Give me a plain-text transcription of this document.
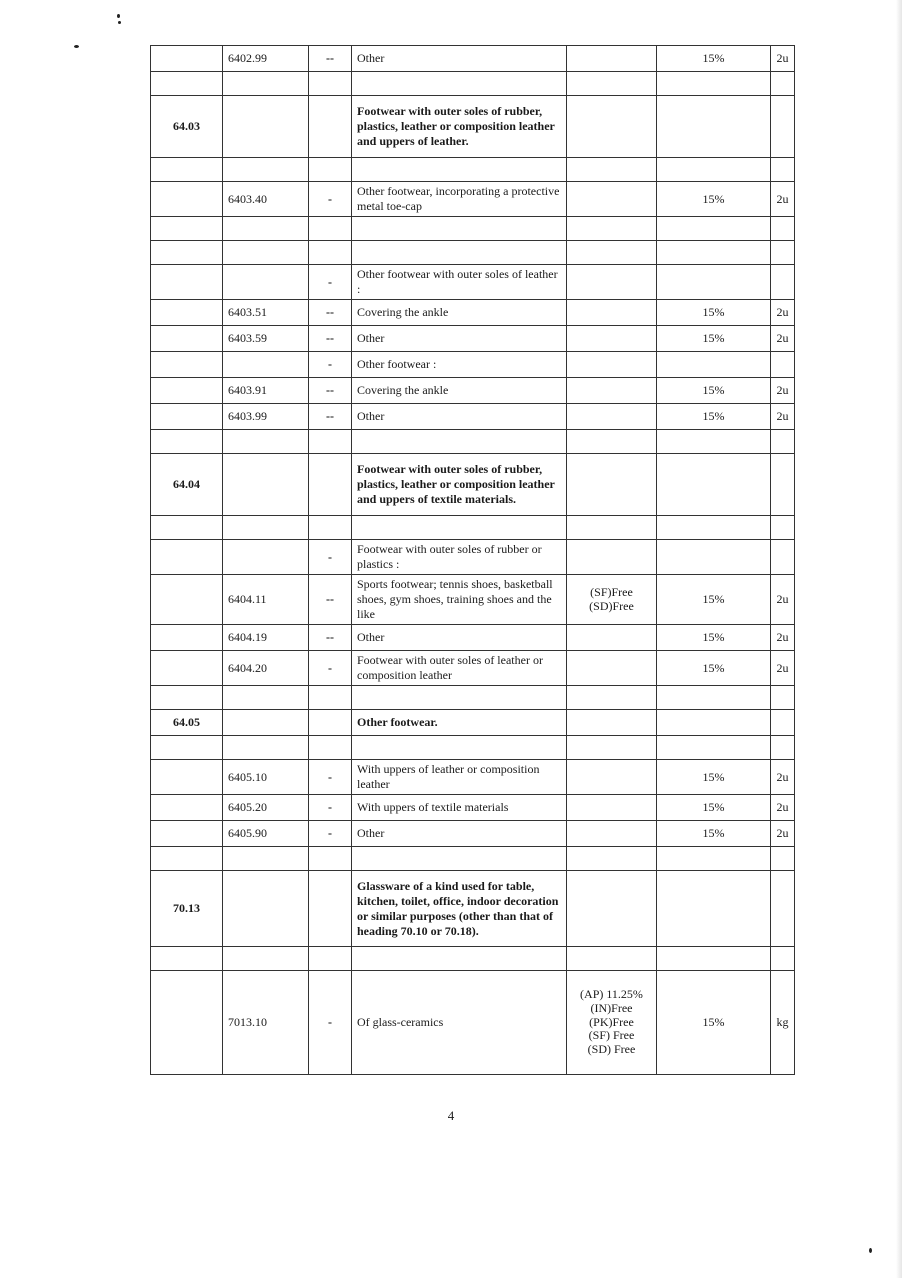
	6402.99	--	Other		15%	2u

64.03			Footwear with outer soles of rubber, plastics, leather or composition leather and uppers of leather.			

	6403.40	-	Other footwear, incorporating a protective metal toe-cap		15%	2u

		-	Other footwear with outer soles of leather :			
	6403.51	--	Covering the ankle		15%	2u
	6403.59	--	Other		15%	2u
		-	Other footwear :			
	6403.91	--	Covering the ankle		15%	2u
	6403.99	--	Other		15%	2u

64.04			Footwear with outer soles of rubber, plastics, leather or composition leather and uppers of textile materials.			

		-	Footwear with outer soles of rubber or plastics :			
	6404.11	--	Sports footwear; tennis shoes, basketball shoes, gym shoes, training shoes and the like	(SF)Free
(SD)Free	15%	2u
	6404.19	--	Other		15%	2u
	6404.20	-	Footwear with outer soles of leather or composition leather		15%	2u

64.05			Other footwear.			

	6405.10	-	With uppers of leather or composition leather		15%	2u
	6405.20	-	With uppers of textile materials		15%	2u
	6405.90	-	Other		15%	2u

70.13			Glassware of a kind used for table, kitchen, toilet, office, indoor decoration or similar purposes (other than that of heading 70.10 or 70.18).			

	7013.10	-	Of glass-ceramics	(AP) 11.25%
(IN)Free
(PK)Free
(SF) Free
(SD) Free	15%	kg
4
